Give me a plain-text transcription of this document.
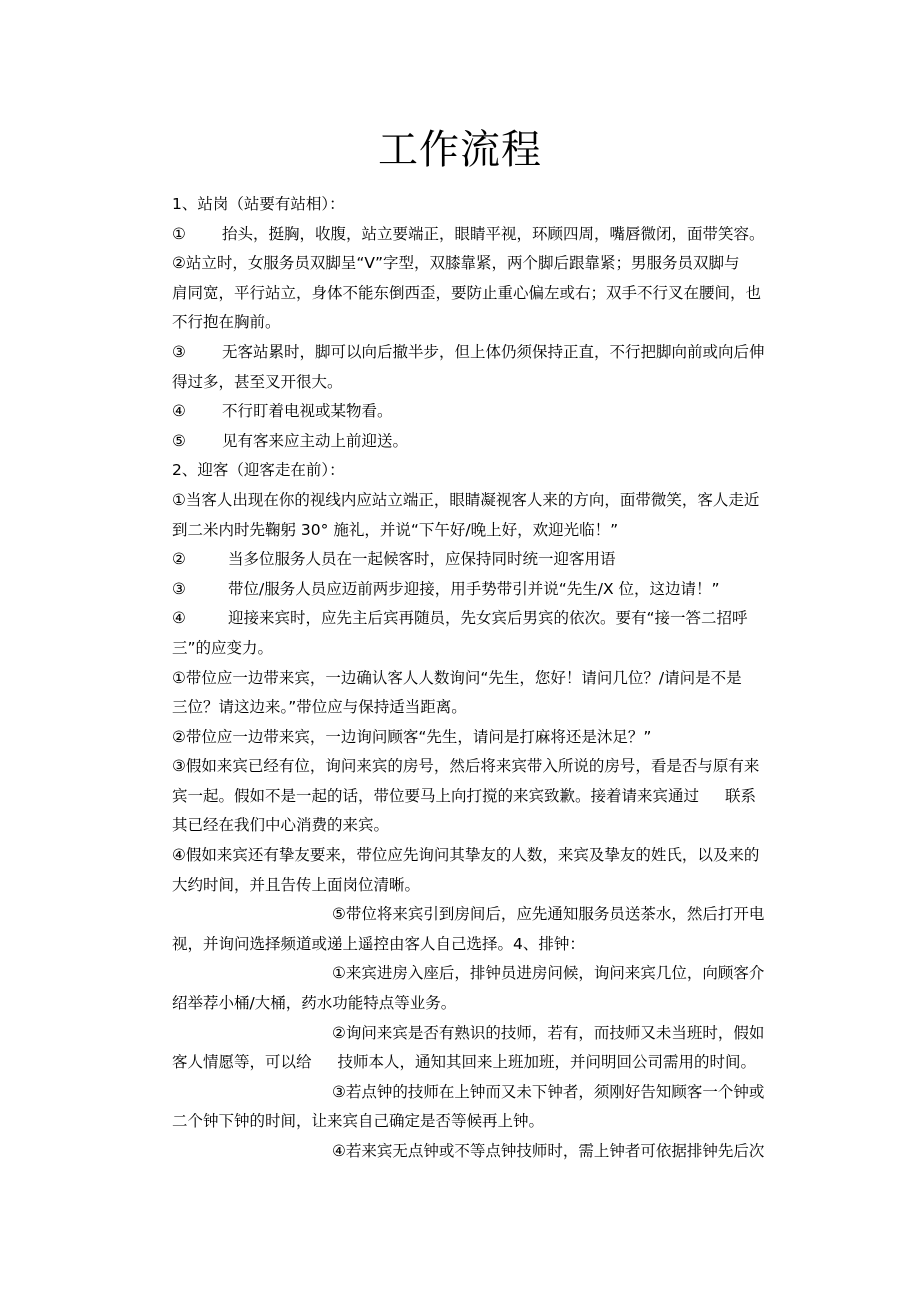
工作流程
1、站岗（站要有站相）：
① 抬头，挺胸，收腹，站立要端正，眼睛平视，环顾四周，嘴唇微闭，面带笑容。
②站立时，女服务员双脚呈“V”字型，双膝靠紧，两个脚后跟靠紧；男服务员双脚与
肩同宽，平行站立，身体不能东倒西歪，要防止重心偏左或右；双手不行叉在腰间，也
不行抱在胸前。
③ 无客站累时，脚可以向后撤半步，但上体仍须保持正直，不行把脚向前或向后伸
得过多，甚至叉开很大。
④ 不行盯着电视或某物看。
⑤ 见有客来应主动上前迎送。
2、迎客（迎客走在前）：
①当客人出现在你的视线内应站立端正，眼睛凝视客人来的方向，面带微笑，客人走近
到二米内时先鞠躬 30° 施礼，并说“下午好/晚上好，欢迎光临！”
②	当多位服务人员在一起候客时，应保持同时统一迎客用语
③	带位/服务人员应迈前两步迎接，用手势带引并说“先生/X 位，这边请！”
④	迎接来宾时，应先主后宾再随员，先女宾后男宾的依次。要有“接一答二招呼
三”的应变力。
①带位应一边带来宾，一边确认客人人数询问“先生，您好！请问几位？/请问是不是
三位？请这边来。”带位应与保持适当距离。
②带位应一边带来宾，一边询问顾客“先生，请问是打麻将还是沐足？”
③假如来宾已经有位，询问来宾的房号，然后将来宾带入所说的房号，看是否与原有来
宾一起。假如不是一起的话，带位要马上向打搅的来宾致歉。接着请来宾通过 联系
其已经在我们中心消费的来宾。
④假如来宾还有挚友要来，带位应先询问其挚友的人数，来宾及挚友的姓氏，以及来的
大约时间，并且告传上面岗位清晰。
⑤带位将来宾引到房间后，应先通知服务员送茶水，然后打开电
视，并询问选择频道或递上遥控由客人自己选择。4、排钟：
①来宾进房入座后，排钟员进房问候，询问来宾几位，向顾客介
绍举荐小桶/大桶，药水功能特点等业务。
②询问来宾是否有熟识的技师，若有，而技师又未当班时，假如
客人情愿等，可以给 技师本人，通知其回来上班加班，并问明回公司需用的时间。
③若点钟的技师在上钟而又未下钟者，须刚好告知顾客一个钟或
二个钟下钟的时间，让来宾自己确定是否等候再上钟。
④若来宾无点钟或不等点钟技师时，需上钟者可依据排钟先后次
